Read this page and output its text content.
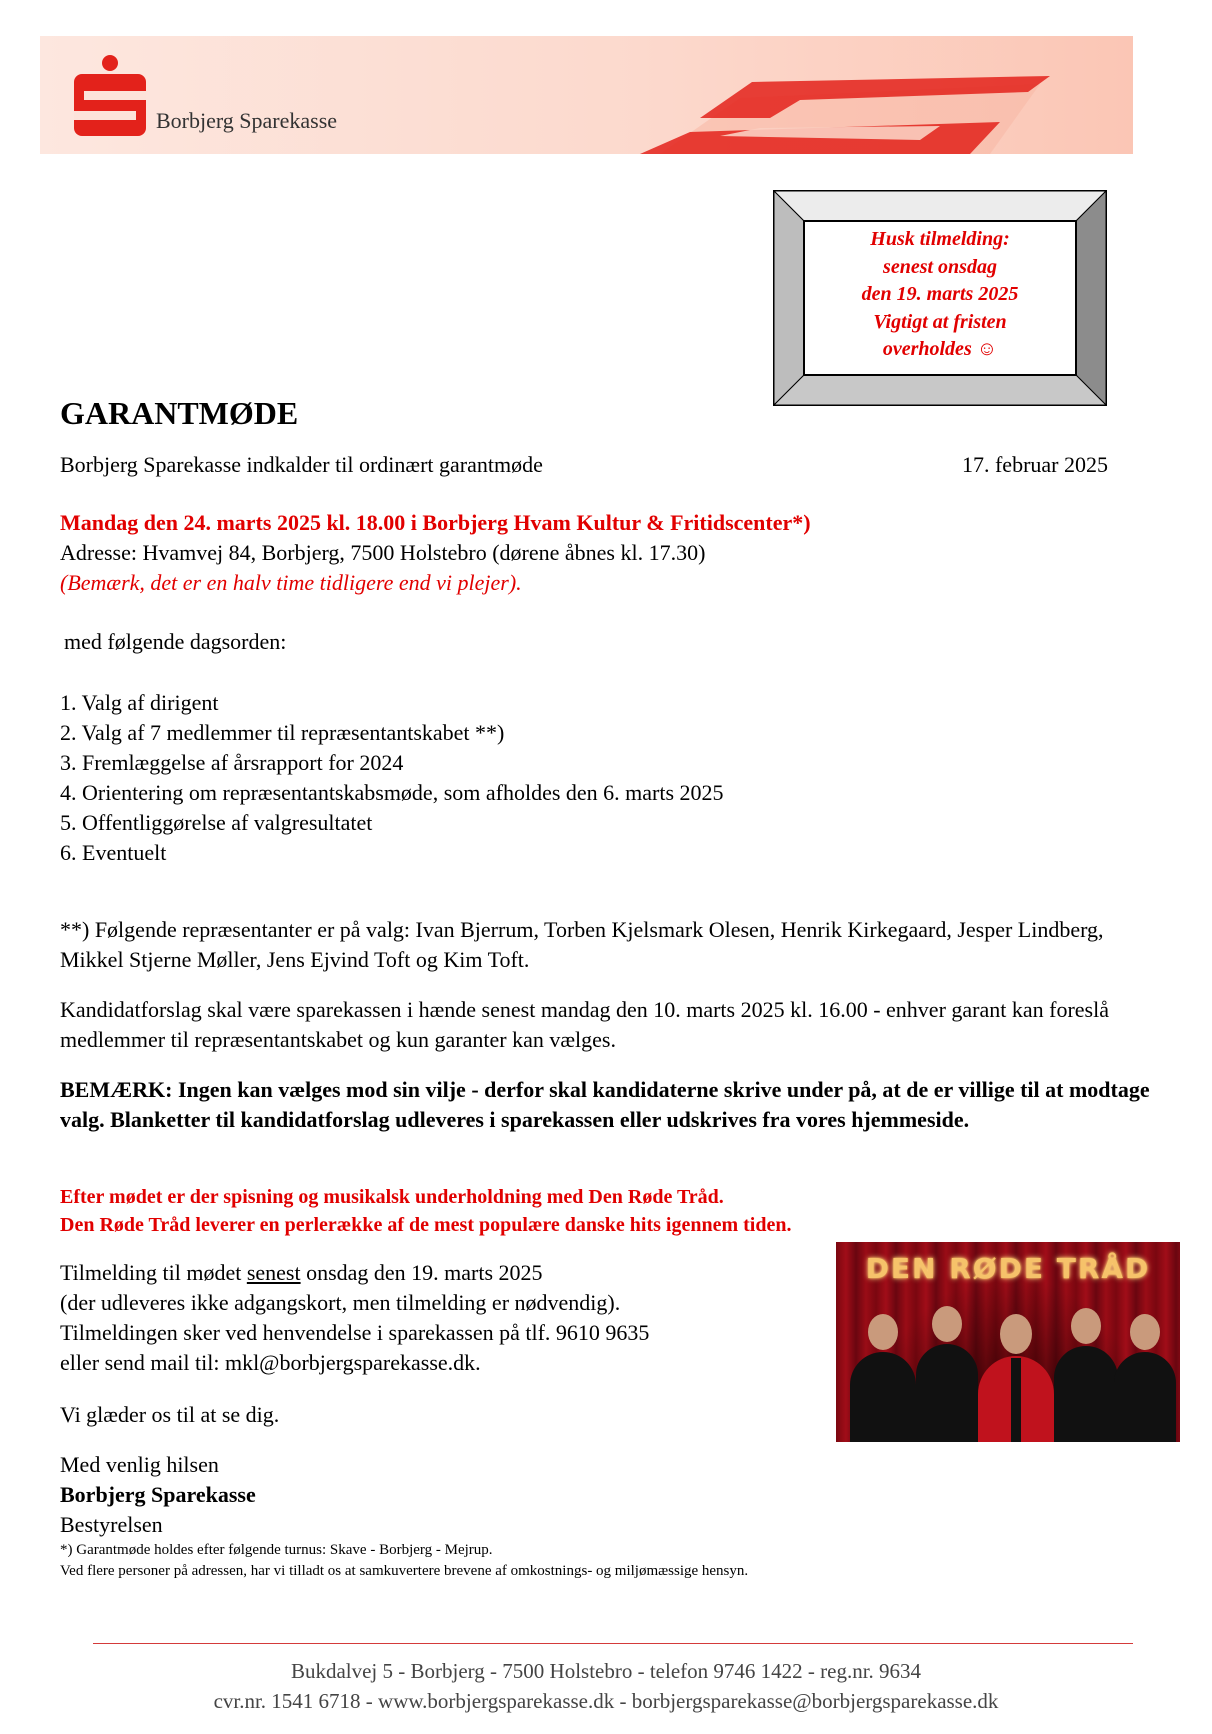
Borbjerg Sparekasse
Husk tilmelding:
senest onsdag
den 19. marts 2025
Vigtigt at fristen
overholdes ☺
GARANTMØDE
Borbjerg Sparekasse indkalder til ordinært garantmøde	17. februar 2025
Mandag den 24. marts 2025 kl. 18.00 i Borbjerg Hvam Kultur & Fritidscenter*)
Adresse: Hvamvej 84, Borbjerg, 7500 Holstebro (dørene åbnes kl. 17.30)
(Bemærk, det er en halv time tidligere end vi plejer).
med følgende dagsorden:
1. Valg af dirigent
2. Valg af 7 medlemmer til repræsentantskabet **)
3. Fremlæggelse af årsrapport for 2024
4. Orientering om repræsentantskabsmøde, som afholdes den 6. marts 2025
5. Offentliggørelse af valgresultatet
6. Eventuelt
**) Følgende repræsentanter er på valg: Ivan Bjerrum, Torben Kjelsmark Olesen, Henrik Kirkegaard, Jesper Lindberg, Mikkel Stjerne Møller, Jens Ejvind Toft og Kim Toft.
Kandidatforslag skal være sparekassen i hænde senest mandag den 10. marts 2025 kl. 16.00 - enhver garant kan foreslå medlemmer til repræsentantskabet og kun garanter kan vælges.
BEMÆRK: Ingen kan vælges mod sin vilje - derfor skal kandidaterne skrive under på, at de er villige til at modtage valg. Blanketter til kandidatforslag udleveres i sparekassen eller udskrives fra vores hjemmeside.
Efter mødet er der spisning og musikalsk underholdning med Den Røde Tråd.
Den Røde Tråd leverer en perlerække af de mest populære danske hits igennem tiden.
Tilmelding til mødet senest onsdag den 19. marts 2025
(der udleveres ikke adgangskort, men tilmelding er nødvendig).
Tilmeldingen sker ved henvendelse i sparekassen på tlf. 9610 9635
eller send mail til: mkl@borbjergsparekasse.dk.
DEN RØDE TRÅD
Vi glæder os til at se dig.
Med venlig hilsen
Borbjerg Sparekasse
Bestyrelsen
*) Garantmøde holdes efter følgende turnus: Skave - Borbjerg - Mejrup.
Ved flere personer på adressen, har vi tilladt os at samkuvertere brevene af omkostnings- og miljømæssige hensyn.
Bukdalvej 5 - Borbjerg - 7500 Holstebro - telefon 9746 1422 - reg.nr. 9634
cvr.nr. 1541 6718 - www.borbjergsparekasse.dk - borbjergsparekasse@borbjergsparekasse.dk
